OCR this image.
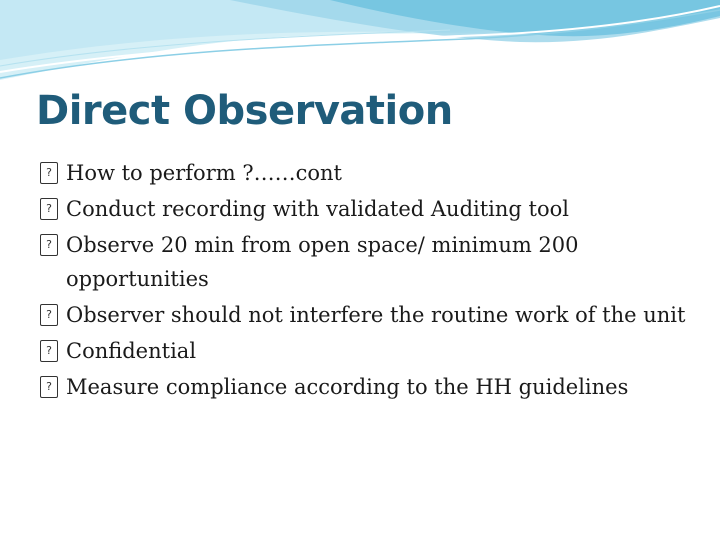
Direct Observation
? How to perform ?……cont
? Conduct recording with validated Auditing tool
? Observe 20 min from open space/ minimum 200 opportunities
? Observer should not interfere the routine work of the unit
? Confidential
? Measure compliance according to the HH guidelines
